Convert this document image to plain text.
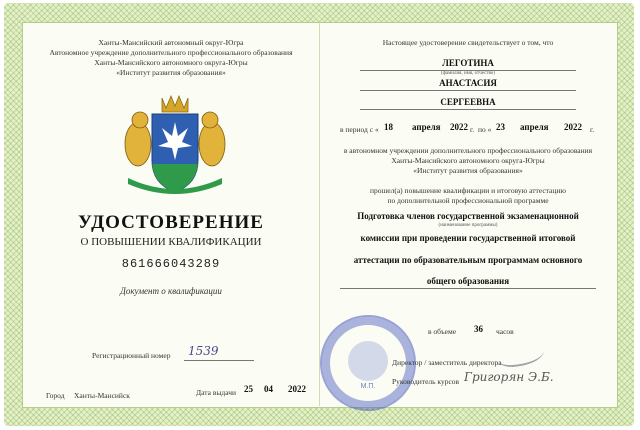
Ханты-Мансийский автономный округ-Югра
Автономное учреждение дополнительного профессионального образования
Ханты-Мансийского автономного округа-Югры
«Институт развития образования»
УДОСТОВЕРЕНИЕ
О ПОВЫШЕНИИ КВАЛИФИКАЦИИ
861666043289
Документ о квалификации
Регистрационный номер 1539
Город Ханты-Мансийск	Дата выдачи 25 04 2022
Настоящее удостоверение свидетельствует о том, что
ЛЕГОТИНА
(фамилия, имя, отчество)
АНАСТАСИЯ
СЕРГЕЕВНА
в период с « 18 апреля 2022 г. по « 23 апреля 2022 г.
в автономном учреждении дополнительного профессионального образования
Ханты-Мансийского автономного округа-Югры
«Институт развития образования»
прошел(а) повышение квалификации и итоговую аттестацию
по дополнительной профессиональной программе
Подготовка членов государственной экзаменационной
(наименование программы)
комиссии при проведении государственной итоговой
аттестации по образовательным программам основного
общего образования
в объеме 36 часов
М.П.
Директор / заместитель директора
Руководитель курсов Григорян Э.Б.
